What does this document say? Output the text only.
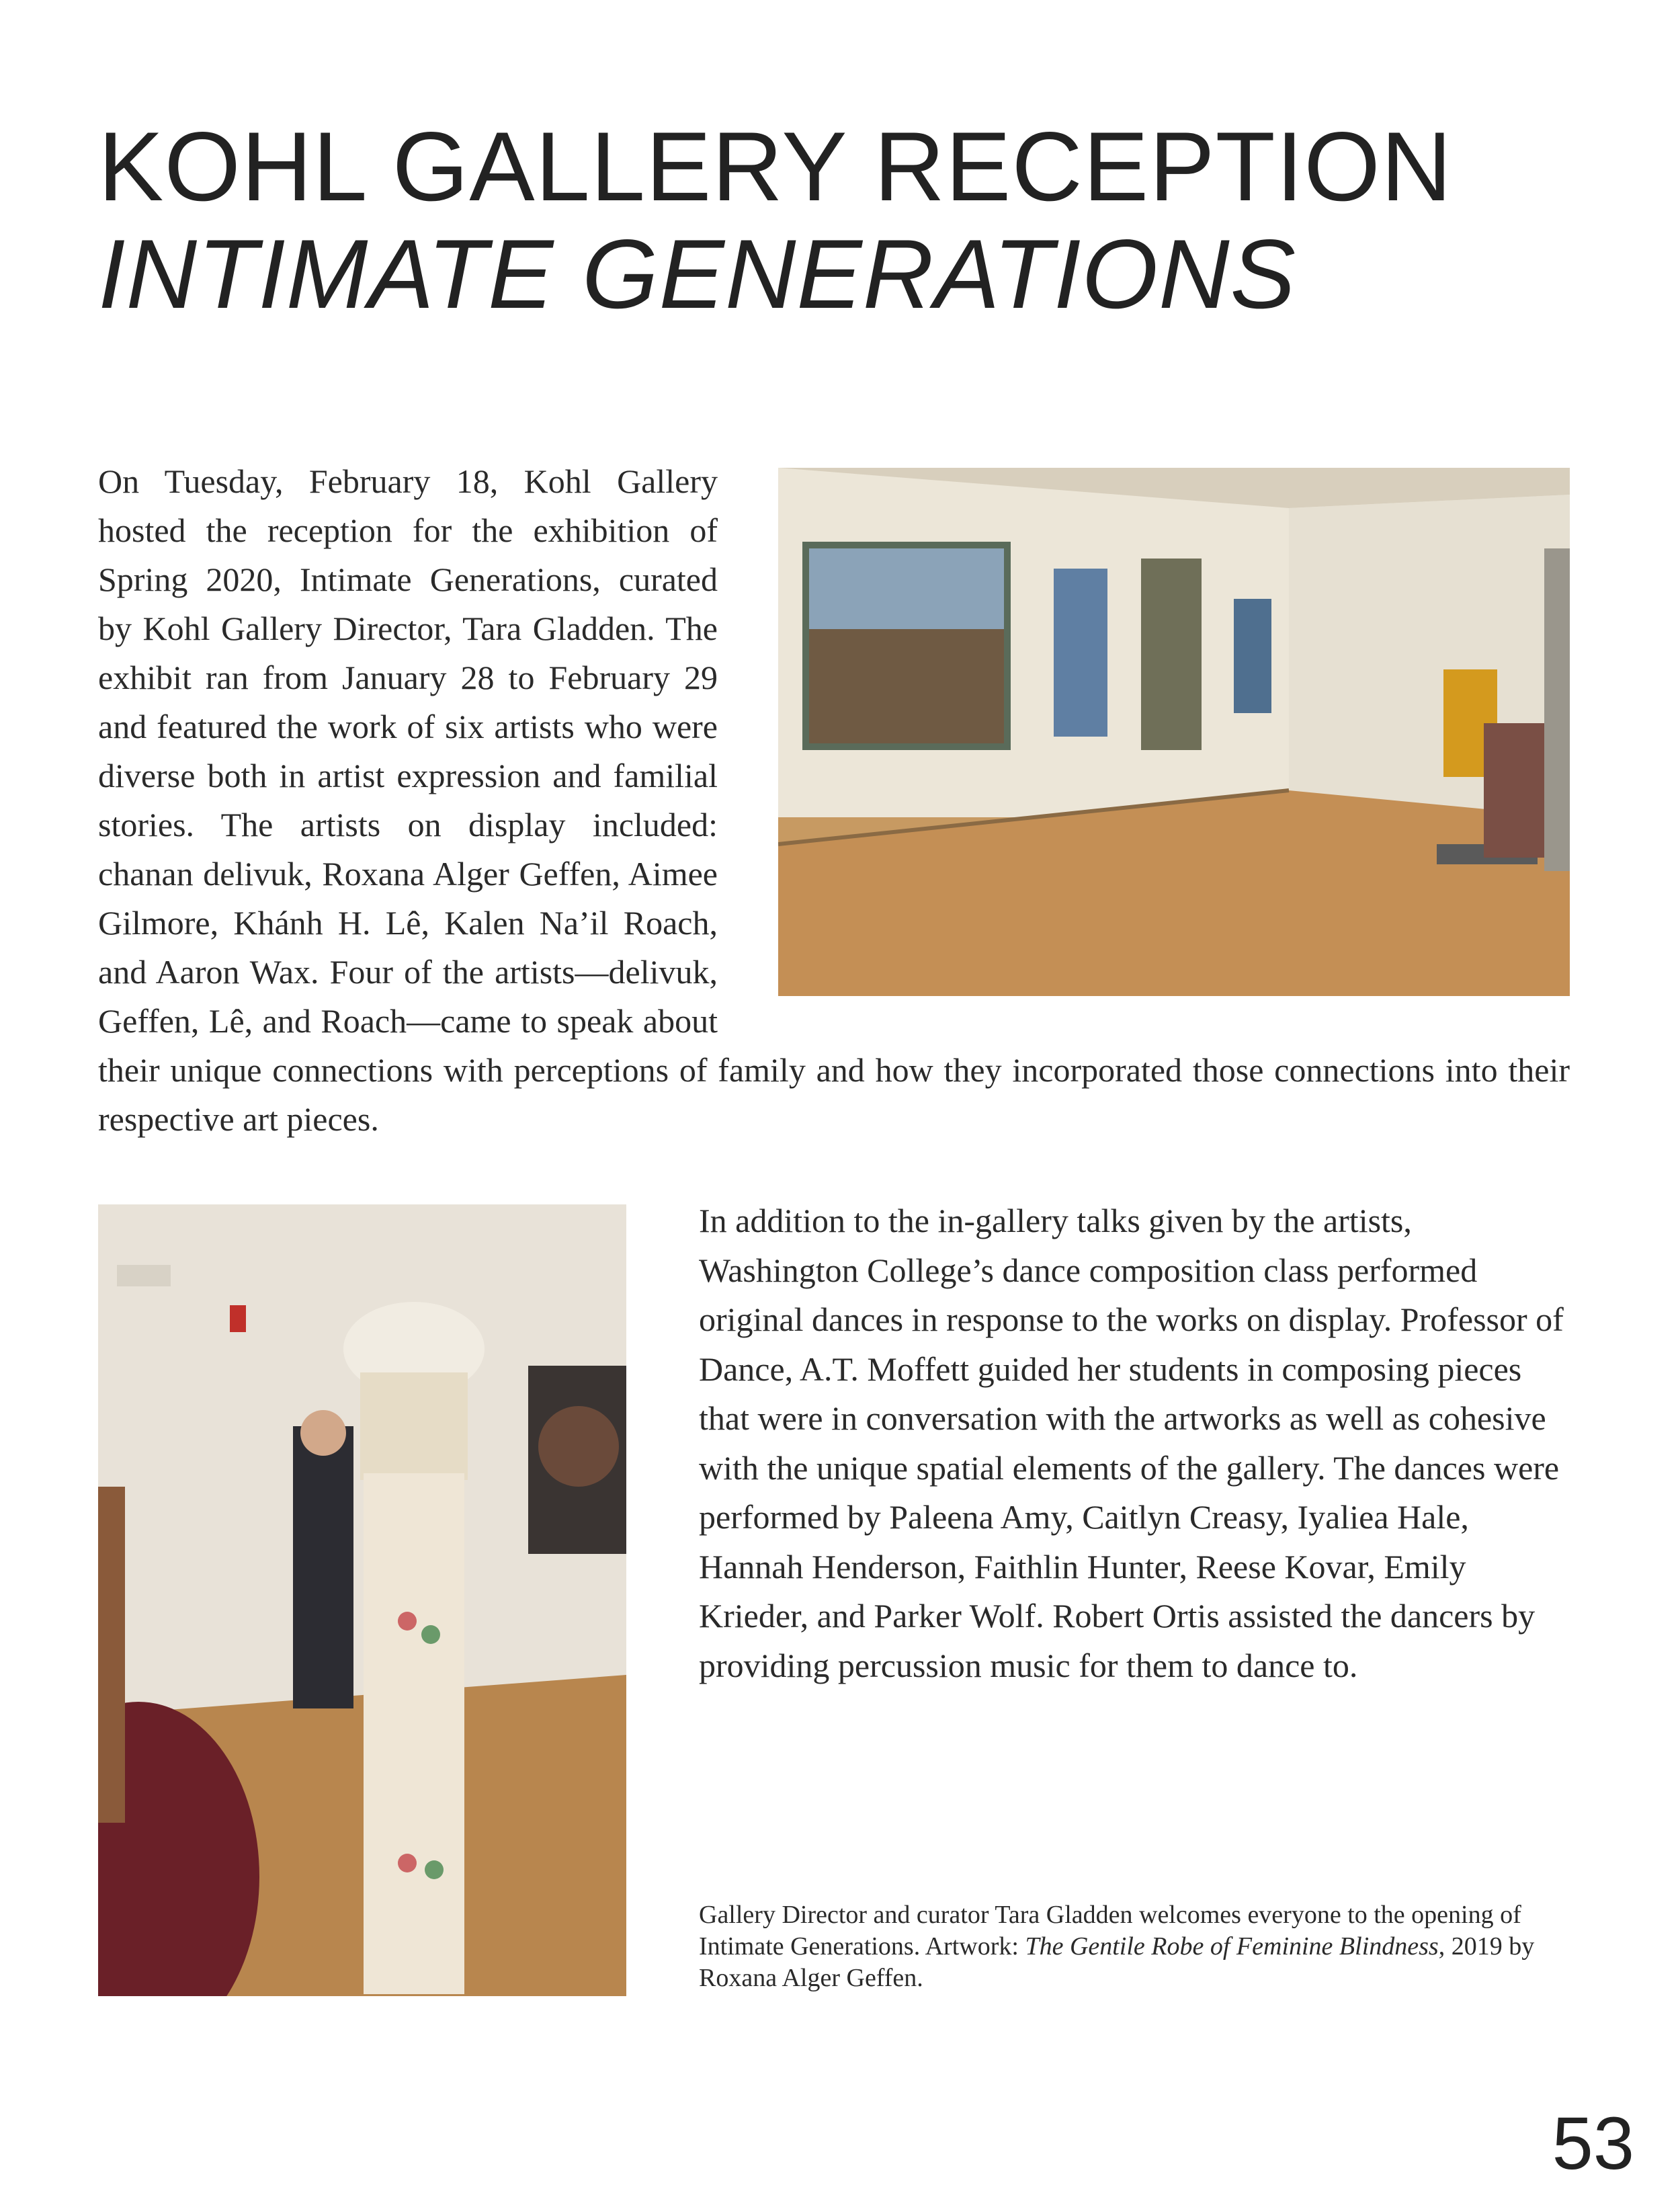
KOHL GALLERY RECEPTION
INTIMATE GENERATIONS
On Tuesday, February 18, Kohl Gallery hosted the reception for the exhibition of Spring 2020, Intimate Generations, curated by Kohl Gallery Director, Tara Gladden. The exhibit ran from January 28 to February 29 and featured the work of six artists who were diverse both in artist expression and familial stories. The artists on display included: chanan delivuk, Roxana Alger Geffen, Aimee Gilmore, Khánh H. Lê, Kalen Na’il Roach, and Aaron Wax. Four of the artists—delivuk, Geffen, Lê, and Roach—came to speak about their unique connections with perceptions of family and how they incorporated those connections into their respective art pieces.
In addition to the in-gallery talks given by the artists, Washington College’s dance composition class performed original dances in response to the works on display. Professor of Dance, A.T. Moffett guided her students in composing pieces that were in conversation with the artworks as well as cohesive with the unique spatial elements of the gallery. The dances were performed by Paleena Amy, Caitlyn Creasy, Iyaliea Hale, Hannah Henderson, Faithlin Hunter, Reese Kovar, Emily Krieder, and Parker Wolf. Robert Ortis assisted the dancers by providing percussion music for them to dance to.
Gallery Director and curator Tara Gladden welcomes everyone to the opening of Intimate Generations. Artwork: The Gentile Robe of Feminine Blindness, 2019 by Roxana Alger Geffen.
53
